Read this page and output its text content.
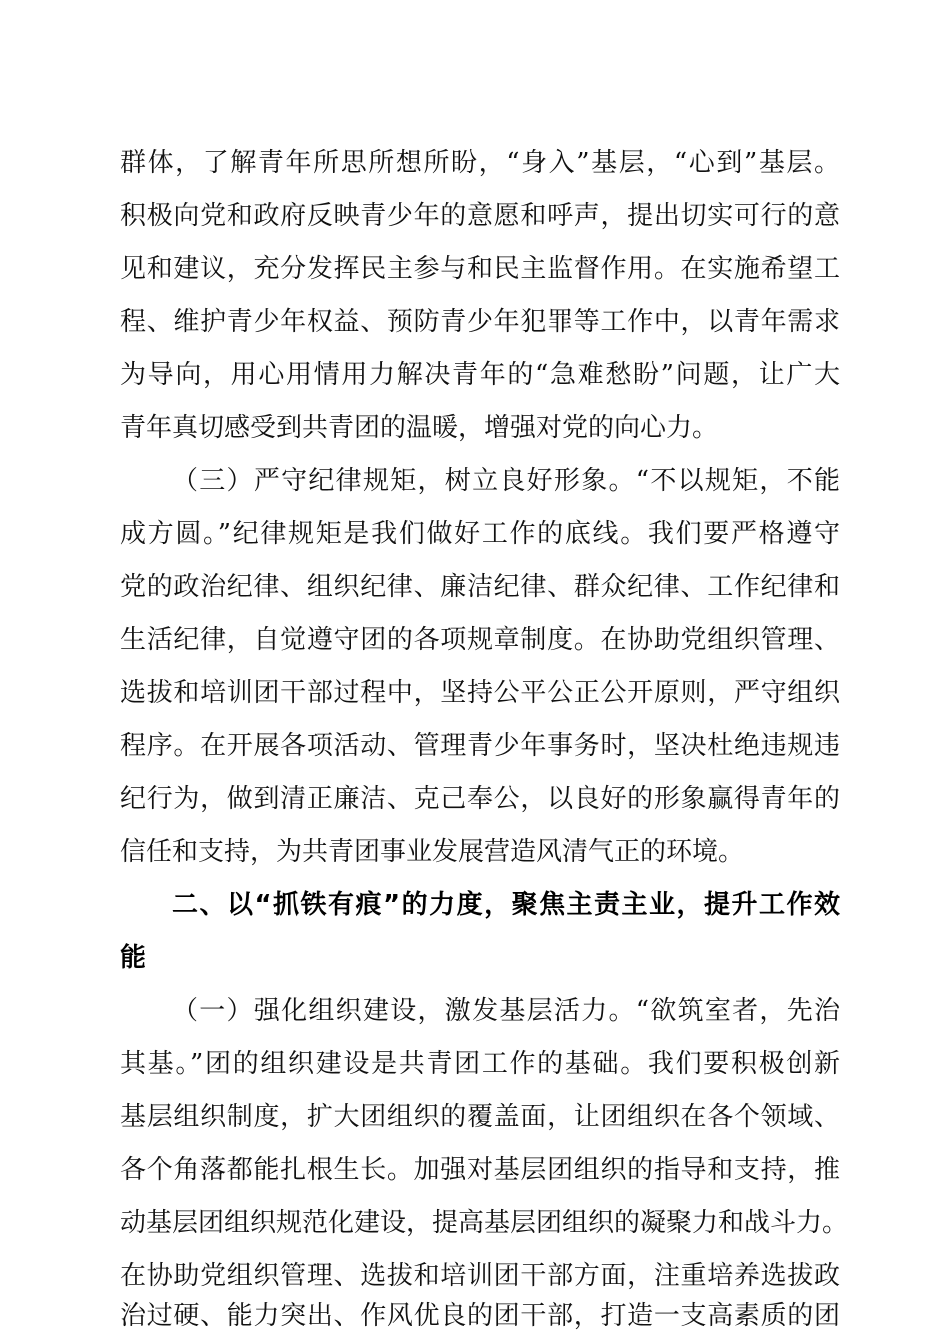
群体，了解青年所思所想所盼，“身入”基层，“心到”基层。
积极向党和政府反映青少年的意愿和呼声，提出切实可行的意
见和建议，充分发挥民主参与和民主监督作用。在实施希望工
程、维护青少年权益、预防青少年犯罪等工作中，以青年需求
为导向，用心用情用力解决青年的“急难愁盼”问题，让广大
青年真切感受到共青团的温暖，增强对党的向心力。
（三）严守纪律规矩，树立良好形象。“不以规矩，不能
成方圆。”纪律规矩是我们做好工作的底线。我们要严格遵守
党的政治纪律、组织纪律、廉洁纪律、群众纪律、工作纪律和
生活纪律，自觉遵守团的各项规章制度。在协助党组织管理、
选拔和培训团干部过程中，坚持公平公正公开原则，严守组织
程序。在开展各项活动、管理青少年事务时，坚决杜绝违规违
纪行为，做到清正廉洁、克己奉公，以良好的形象赢得青年的
信任和支持，为共青团事业发展营造风清气正的环境。
二、以“抓铁有痕”的力度，聚焦主责主业，提升工作效
能
（一）强化组织建设，激发基层活力。“欲筑室者，先治
其基。”团的组织建设是共青团工作的基础。我们要积极创新
基层组织制度，扩大团组织的覆盖面，让团组织在各个领域、
各个角落都能扎根生长。加强对基层团组织的指导和支持，推
动基层团组织规范化建设，提高基层团组织的凝聚力和战斗力。
在协助党组织管理、选拔和培训团干部方面，注重培养选拔政
治过硬、能力突出、作风优良的团干部，打造一支高素质的团
